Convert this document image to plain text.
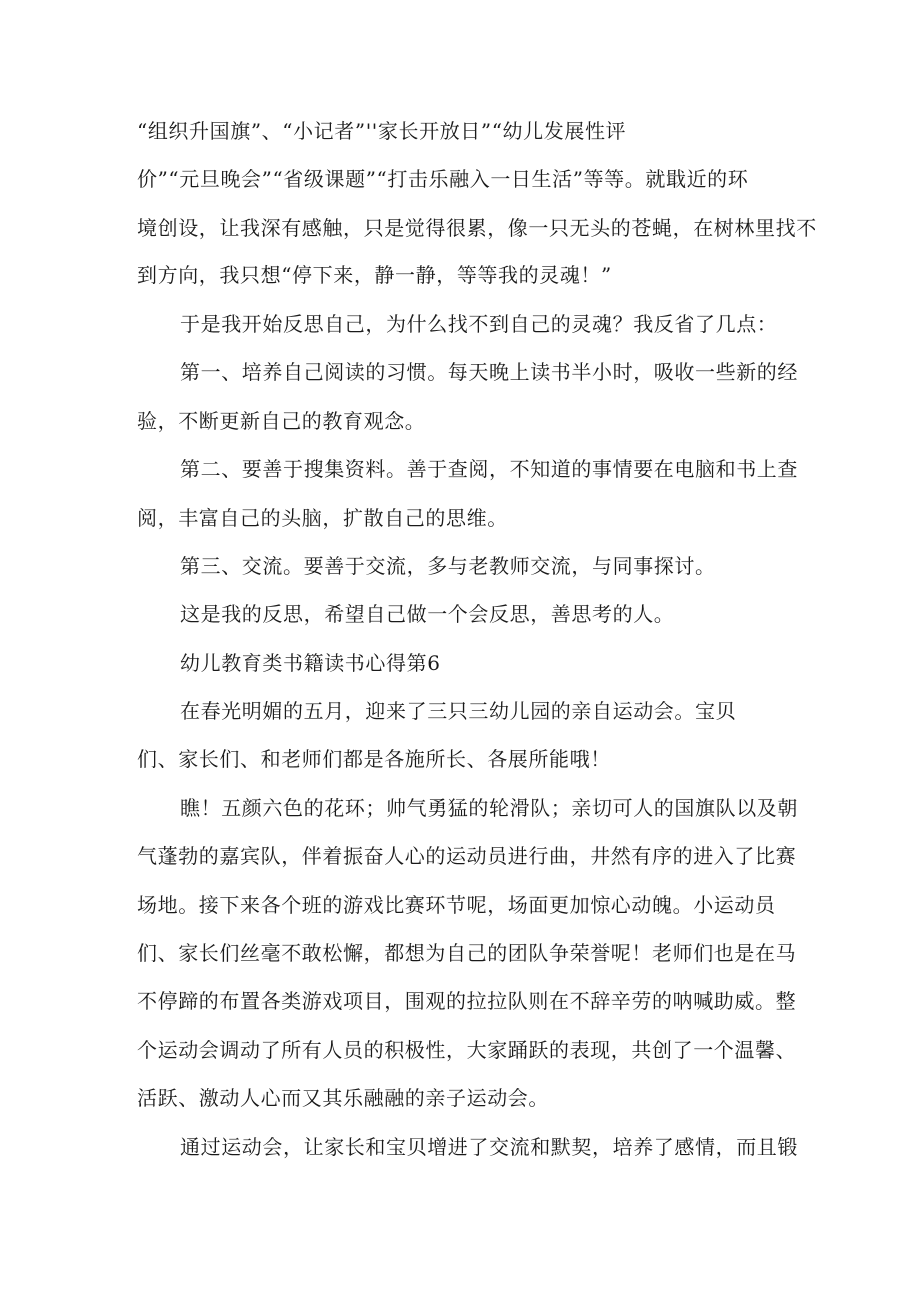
“组织升国旗”、“小记者”''家长开放日”“幼儿发展性评

价”“元旦晚会”“省级课题”“打击乐融入一日生活”等等。就戢近的环

境创设，让我深有感触，只是觉得很累，像一只无头的苍蝇，在树林里找不

到方向，我只想“停下来，静一静，等等我的灵魂！”

于是我开始反思自己，为什么找不到自己的灵魂？我反省了几点：

第一、培养自己阅读的习惯。每天晚上读书半小时，吸收一些新的经

验，不断更新自己的教育观念。

第二、要善于搜集资料。善于查阅，不知道的事情要在电脑和书上查

阅，丰富自己的头脑，扩散自己的思维。

第三、交流。要善于交流，多与老教师交流，与同事探讨。

这是我的反思，希望自己做一个会反思，善思考的人。

幼儿教育类书籍读书心得第6

在春光明媚的五月，迎来了三只三幼儿园的亲自运动会。宝贝

们、家长们、和老师们都是各施所长、各展所能哦！

瞧！五颜六色的花环；帅气勇猛的轮滑队；亲切可人的国旗队以及朝

气蓬勃的嘉宾队，伴着振奋人心的运动员进行曲，井然有序的进入了比赛

场地。接下来各个班的游戏比赛环节呢，场面更加惊心动魄。小运动员

们、家长们丝毫不敢松懈，都想为自己的团队争荣誉呢！老师们也是在马

不停蹄的布置各类游戏项目，围观的拉拉队则在不辞辛劳的呐喊助威。整

个运动会调动了所有人员的积极性，大家踊跃的表现，共创了一个温馨、

活跃、激动人心而又其乐融融的亲子运动会。

通过运动会，让家长和宝贝增进了交流和默契，培养了感情，而且锻
